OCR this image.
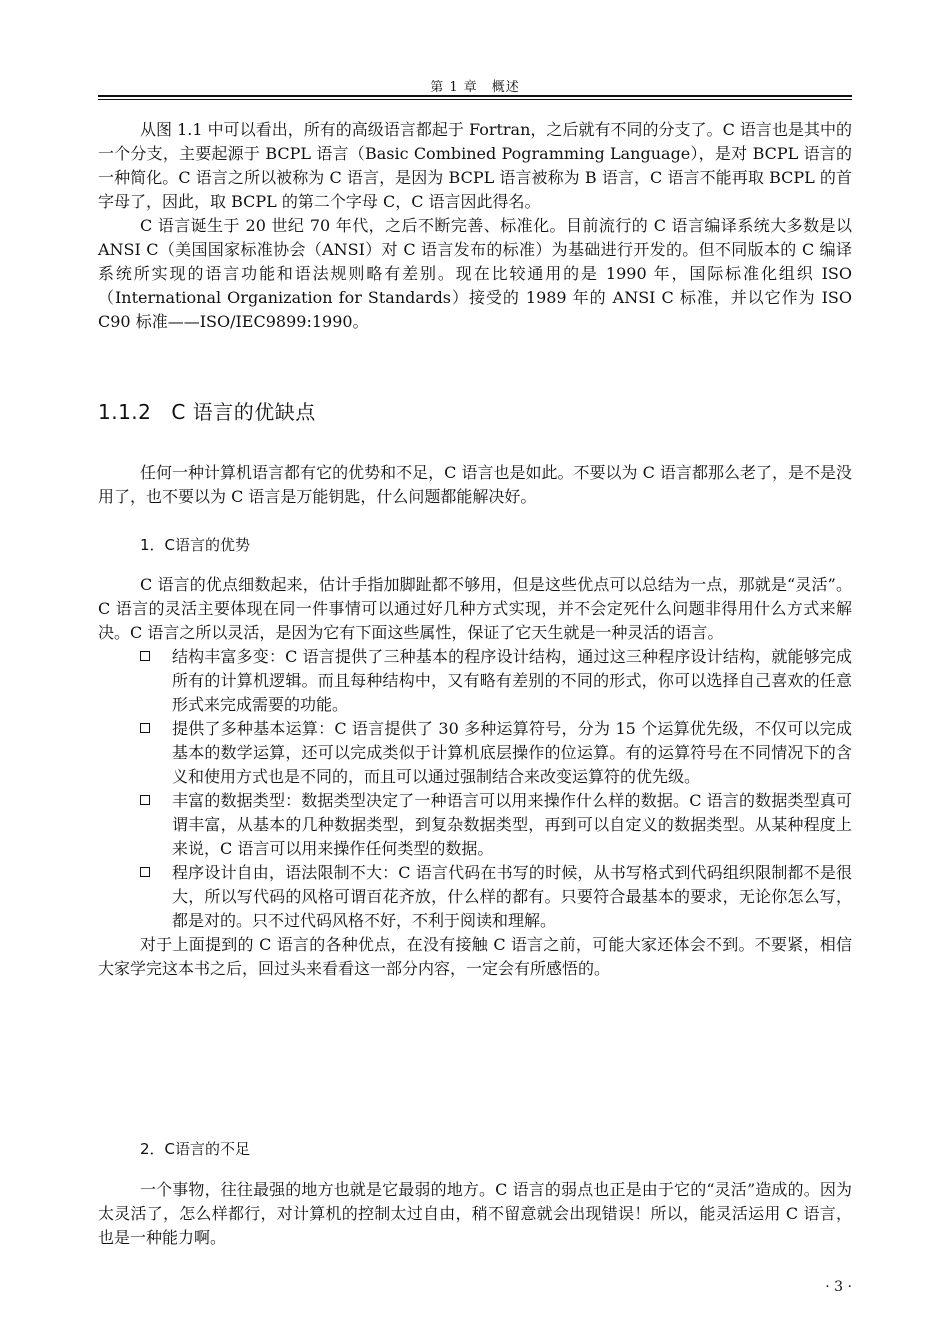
第 1 章　概述

从图 1.1 中可以看出，所有的高级语言都起于 Fortran，之后就有不同的分支了。C 语言也是其中的一个分支，主要起源于 BCPL 语言（Basic Combined Pogramming Language），是对 BCPL 语言的一种简化。C 语言之所以被称为 C 语言，是因为 BCPL 语言被称为 B 语言，C 语言不能再取 BCPL 的首字母了，因此，取 BCPL 的第二个字母 C，C 语言因此得名。

C 语言诞生于 20 世纪 70 年代，之后不断完善、标准化。目前流行的 C 语言编译系统大多数是以 ANSI C（美国国家标准协会（ANSI）对 C 语言发布的标准）为基础进行开发的。但不同版本的 C 编译系统所实现的语言功能和语法规则略有差别。现在比较通用的是 1990 年，国际标准化组织 ISO（International Organization for Standards）接受的 1989 年的 ANSI C 标准，并以它作为 ISO C90 标准——ISO/IEC9899:1990。

1.1.2 C 语言的优缺点

任何一种计算机语言都有它的优势和不足，C 语言也是如此。不要以为 C 语言都那么老了，是不是没用了，也不要以为 C 语言是万能钥匙，什么问题都能解决好。

1．C语言的优势

C 语言的优点细数起来，估计手指加脚趾都不够用，但是这些优点可以总结为一点，那就是“灵活”。C 语言的灵活主要体现在同一件事情可以通过好几种方式实现，并不会定死什么问题非得用什么方式来解决。C 语言之所以灵活，是因为它有下面这些属性，保证了它天生就是一种灵活的语言。

结构丰富多变：C 语言提供了三种基本的程序设计结构，通过这三种程序设计结构，就能够完成所有的计算机逻辑。而且每种结构中，又有略有差别的不同的形式，你可以选择自己喜欢的任意形式来完成需要的功能。
提供了多种基本运算：C 语言提供了 30 多种运算符号，分为 15 个运算优先级，不仅可以完成基本的数学运算，还可以完成类似于计算机底层操作的位运算。有的运算符号在不同情况下的含义和使用方式也是不同的，而且可以通过强制结合来改变运算符的优先级。
丰富的数据类型：数据类型决定了一种语言可以用来操作什么样的数据。C 语言的数据类型真可谓丰富，从基本的几种数据类型，到复杂数据类型，再到可以自定义的数据类型。从某种程度上来说，C 语言可以用来操作任何类型的数据。
程序设计自由，语法限制不大：C 语言代码在书写的时候，从书写格式到代码组织限制都不是很大，所以写代码的风格可谓百花齐放，什么样的都有。只要符合最基本的要求，无论你怎么写，都是对的。只不过代码风格不好，不利于阅读和理解。

对于上面提到的 C 语言的各种优点，在没有接触 C 语言之前，可能大家还体会不到。不要紧，相信大家学完这本书之后，回过头来看看这一部分内容，一定会有所感悟的。

2．C语言的不足

一个事物，往往最强的地方也就是它最弱的地方。C 语言的弱点也正是由于它的“灵活”造成的。因为太灵活了，怎么样都行，对计算机的控制太过自由，稍不留意就会出现错误！所以，能灵活运用 C 语言，也是一种能力啊。

· 3 ·
